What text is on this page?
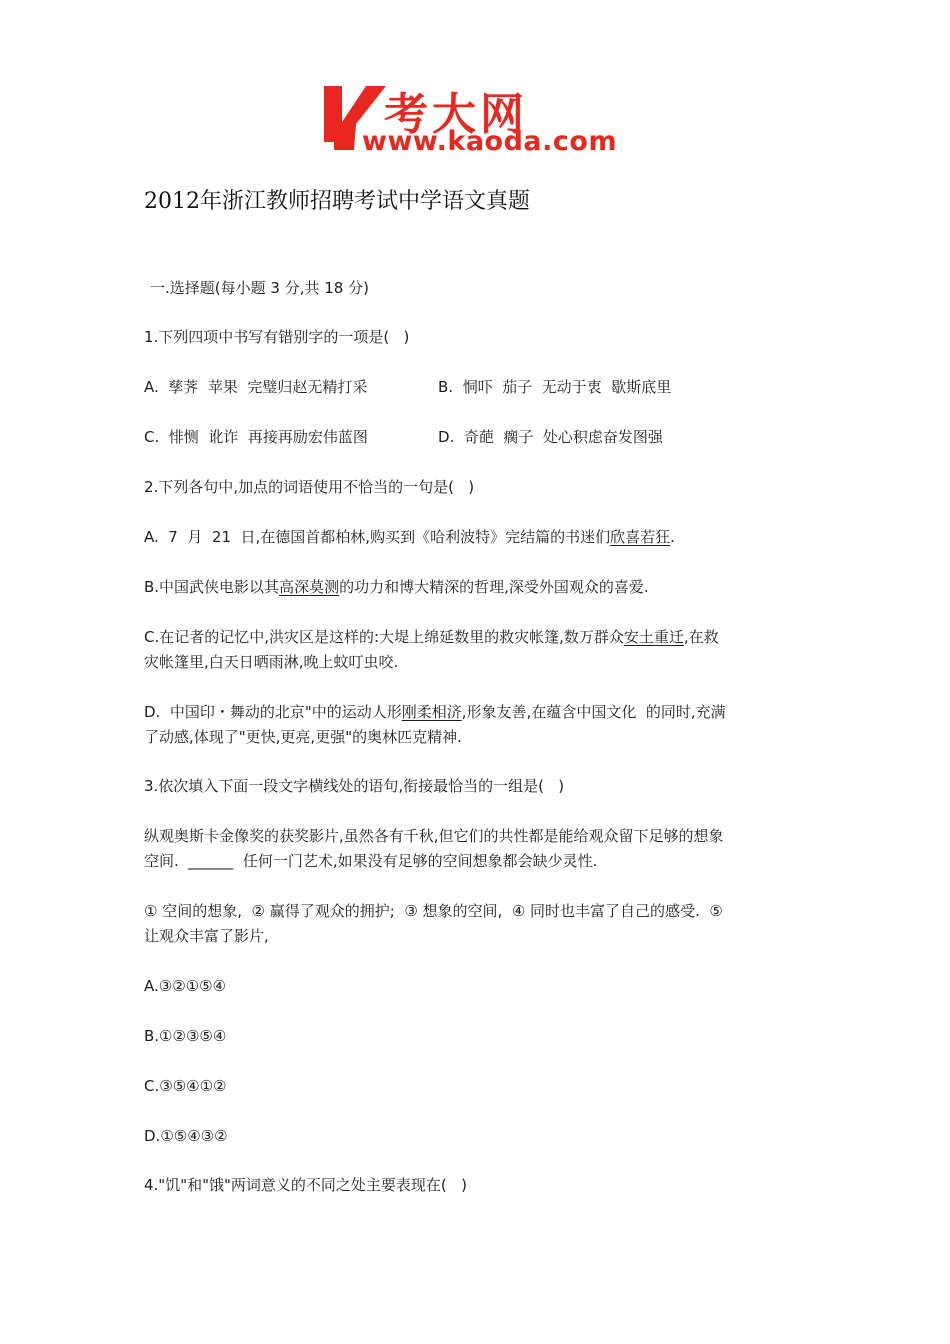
考大网
www.kaoda.com
2012年浙江教师招聘考试中学语文真题
一.选择题(每小题 3 分,共 18 分)
1.下列四项中书写有错别字的一项是(   )
A.  孳荠  苹果  完璧归赵无精打采	B.  恫吓  茄子  无动于衷  歇斯底里
C.  悱恻  讹诈  再接再励宏伟蓝图	D.  奇葩  瘸子  处心积虑奋发图强
2.下列各句中,加点的词语使用不恰当的一句是(   )
A.  7  月  21  日,在德国首都柏林,购买到《哈利波特》完结篇的书迷们欣喜若狂.
B.中国武侠电影以其高深莫测的功力和博大精深的哲理,深受外国观众的喜爱.
C.在记者的记忆中,洪灾区是这样的:大堤上绵延数里的救灾帐篷,数万群众安土重迁,在救
灾帐篷里,白天日晒雨淋,晚上蚊叮虫咬.
D.  中国印・舞动的北京"中的运动人形刚柔相济,形象友善,在蕴含中国文化  的同时,充满
了动感,体现了"更快,更亮,更强"的奥林匹克精神.
3.依次填入下面一段文字横线处的语句,衔接最恰当的一组是(   )
纵观奥斯卡金像奖的获奖影片,虽然各有千秋,但它们的共性都是能给观众留下足够的想象
空间.  ______  任何一门艺术,如果没有足够的空间想象都会缺少灵性.
① 空间的想象,  ② 赢得了观众的拥护;  ③ 想象的空间,  ④ 同时也丰富了自己的感受.  ⑤
让观众丰富了影片,
A.③②①⑤④
B.①②③⑤④
C.③⑤④①②
D.①⑤④③②
4."饥"和"饿"两词意义的不同之处主要表现在(   )
